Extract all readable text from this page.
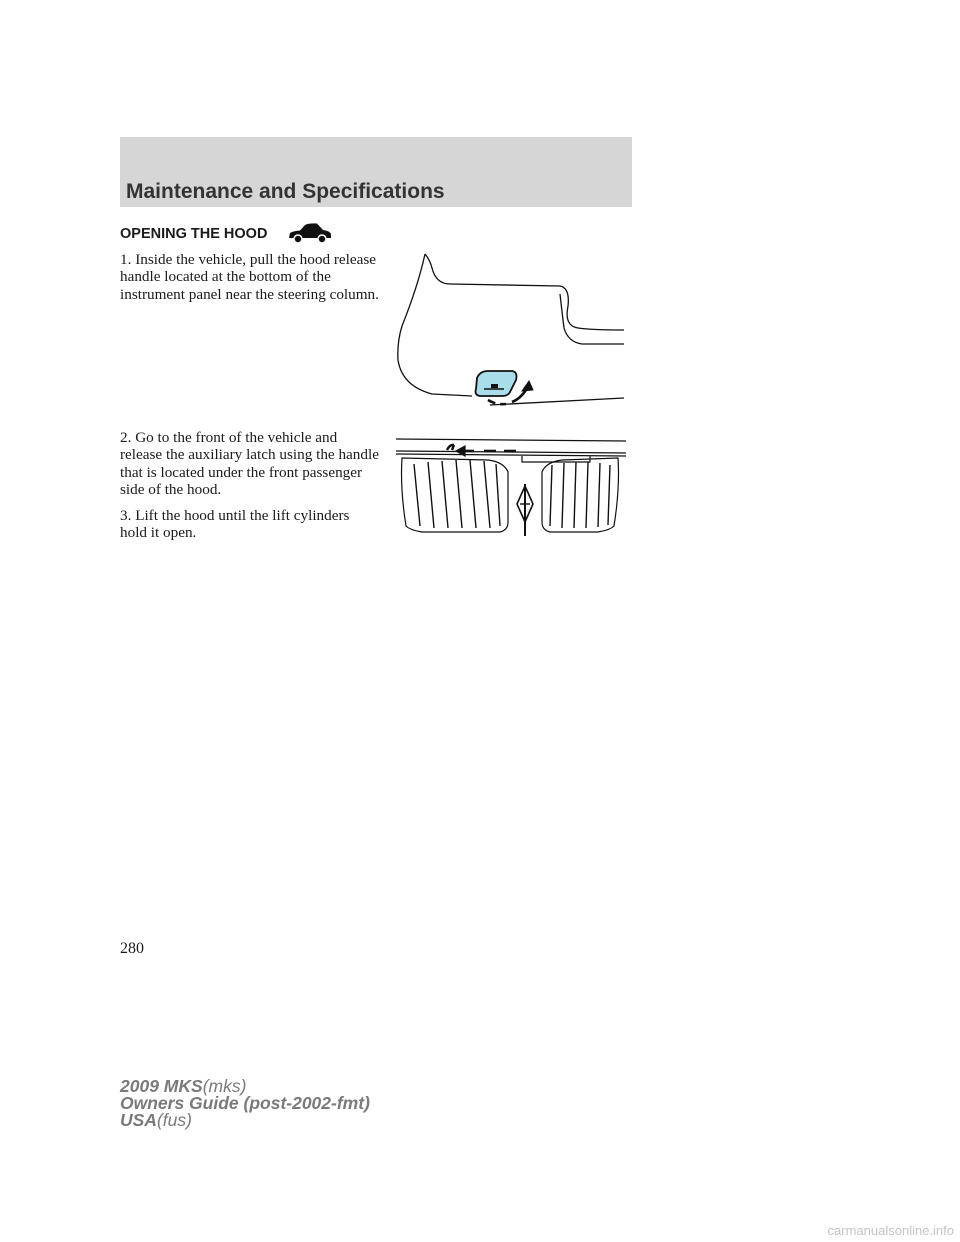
Maintenance and Specifications
OPENING THE HOOD

1. Inside the vehicle, pull the hood release handle located at the bottom of the instrument panel near the steering column.

2. Go to the front of the vehicle and release the auxiliary latch using the handle that is located under the front passenger side of the hood.

3. Lift the hood until the lift cylinders hold it open.

280
2009 MKS(mks)
Owners Guide (post-2002-fmt)
USA(fus)
carmanualsonline.info
